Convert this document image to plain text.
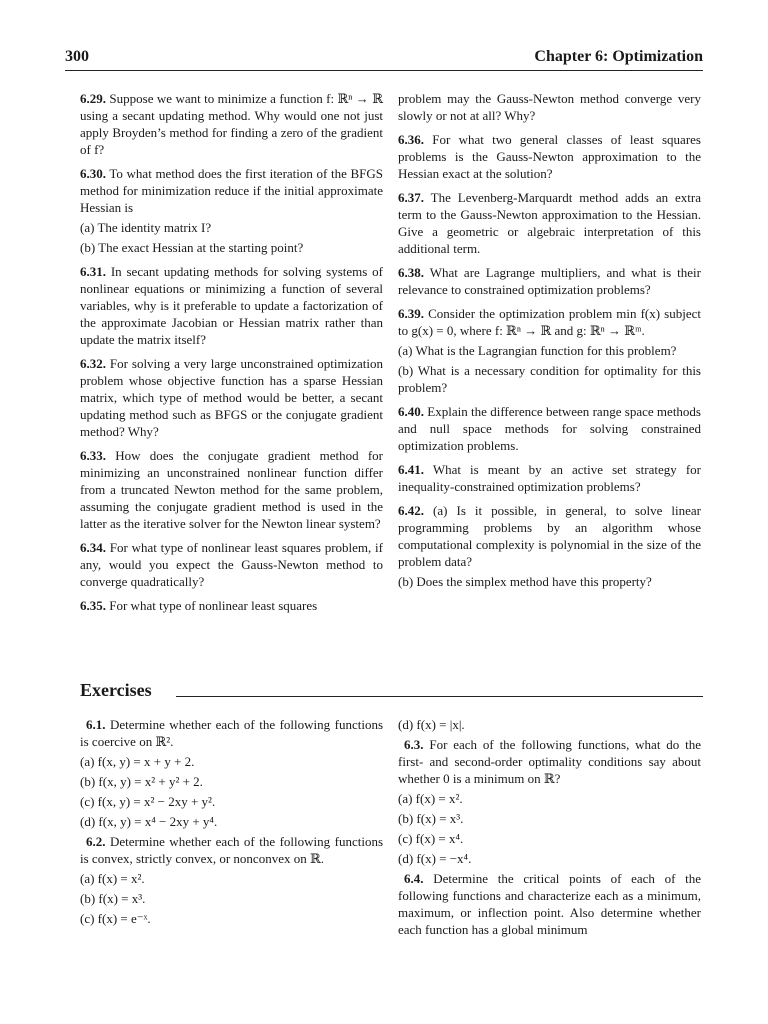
300	Chapter 6: Optimization

6.29. Suppose we want to minimize a function f: ℝⁿ → ℝ using a secant updating method. Why would one not just apply Broyden’s method for finding a zero of the gradient of f?

6.30. To what method does the first iteration of the BFGS method for minimization reduce if the initial approximate Hessian is

(a) The identity matrix I?

(b) The exact Hessian at the starting point?

6.31. In secant updating methods for solving systems of nonlinear equations or minimizing a function of several variables, why is it preferable to update a factorization of the approximate Jacobian or Hessian matrix rather than update the matrix itself?

6.32. For solving a very large unconstrained optimization problem whose objective function has a sparse Hessian matrix, which type of method would be better, a secant updating method such as BFGS or the conjugate gradient method? Why?

6.33. How does the conjugate gradient method for minimizing an unconstrained nonlinear function differ from a truncated Newton method for the same problem, assuming the conjugate gradient method is used in the latter as the iterative solver for the Newton linear system?

6.34. For what type of nonlinear least squares problem, if any, would you expect the Gauss-Newton method to converge quadratically?

6.35. For what type of nonlinear least squares

problem may the Gauss-Newton method converge very slowly or not at all? Why?

6.36. For what two general classes of least squares problems is the Gauss-Newton approximation to the Hessian exact at the solution?

6.37. The Levenberg-Marquardt method adds an extra term to the Gauss-Newton approximation to the Hessian. Give a geometric or algebraic interpretation of this additional term.

6.38. What are Lagrange multipliers, and what is their relevance to constrained optimization problems?

6.39. Consider the optimization problem min f(x) subject to g(x) = 0, where f: ℝⁿ → ℝ and g: ℝⁿ → ℝᵐ.

(a) What is the Lagrangian function for this problem?

(b) What is a necessary condition for optimality for this problem?

6.40. Explain the difference between range space methods and null space methods for solving constrained optimization problems.

6.41. What is meant by an active set strategy for inequality-constrained optimization problems?

6.42. (a) Is it possible, in general, to solve linear programming problems by an algorithm whose computational complexity is polynomial in the size of the problem data?

(b) Does the simplex method have this property?

Exercises

6.1. Determine whether each of the following functions is coercive on ℝ².

(a) f(x, y) = x + y + 2.

(b) f(x, y) = x² + y² + 2.

(c) f(x, y) = x² − 2xy + y².

(d) f(x, y) = x⁴ − 2xy + y⁴.

6.2. Determine whether each of the following functions is convex, strictly convex, or nonconvex on ℝ.

(a) f(x) = x².

(b) f(x) = x³.

(c) f(x) = e⁻ˣ.

(d) f(x) = |x|.

6.3. For each of the following functions, what do the first- and second-order optimality conditions say about whether 0 is a minimum on ℝ?

(a) f(x) = x².

(b) f(x) = x³.

(c) f(x) = x⁴.

(d) f(x) = −x⁴.

6.4. Determine the critical points of each of the following functions and characterize each as a minimum, maximum, or inflection point. Also determine whether each function has a global minimum
